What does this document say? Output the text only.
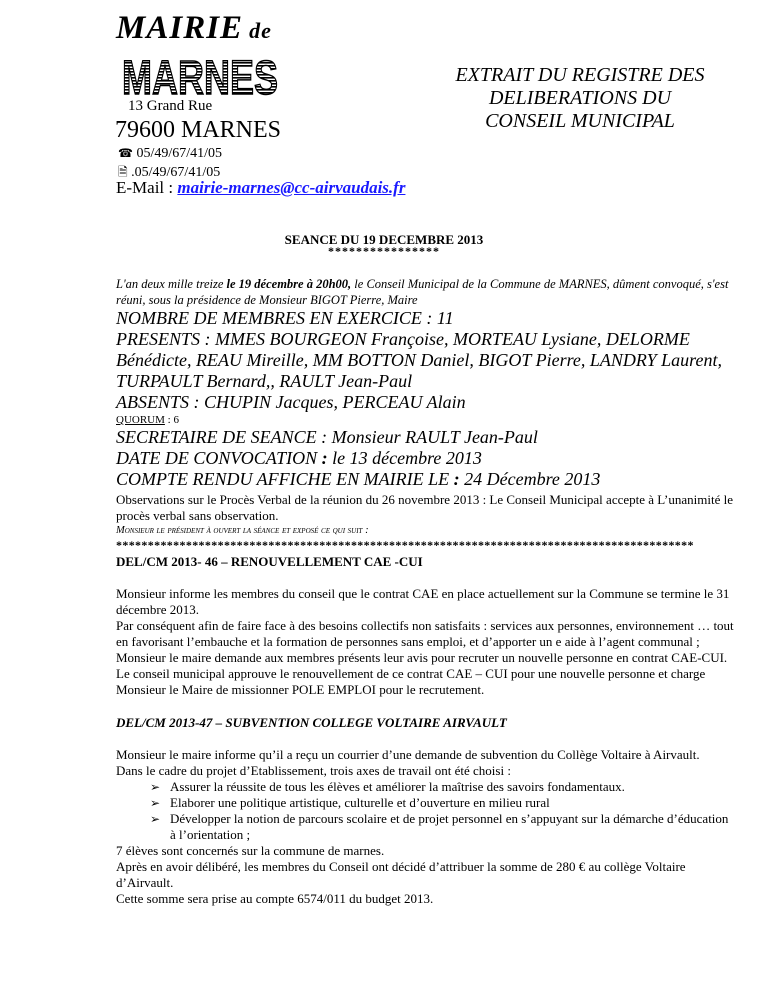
MAIRIE de
MARNES
13 Grand Rue
79600 MARNES
☎ 05/49/67/41/05
🗎 .05/49/67/41/05
E-Mail : mairie-marnes@cc-airvaudais.fr
EXTRAIT DU REGISTRE DES
DELIBERATIONS DU
CONSEIL MUNICIPAL
SEANCE DU 19 DECEMBRE 2013
****************

L'an deux mille treize le 19 décembre à 20h00, le Conseil Municipal de la Commune de MARNES, dûment convoqué, s'est réuni, sous la présidence de Monsieur BIGOT Pierre, Maire

NOMBRE DE MEMBRES EN EXERCICE : 11

PRESENTS : MMES BOURGEON Françoise, MORTEAU Lysiane, DELORME Bénédicte, REAU Mireille, MM BOTTON Daniel, BIGOT Pierre, LANDRY Laurent, TURPAULT Bernard,, RAULT Jean-Paul

ABSENTS : CHUPIN Jacques, PERCEAU Alain

QUORUM : 6

SECRETAIRE DE SEANCE : Monsieur RAULT Jean-Paul

DATE DE CONVOCATION : le 13 décembre 2013

COMPTE RENDU AFFICHE EN MAIRIE LE : 24 Décembre 2013

Observations sur le Procès Verbal de la réunion du 26 novembre 2013 : Le Conseil Municipal accepte à L’unanimité le procès verbal sans observation.

Monsieur le président à ouvert la séance et exposé ce qui suit :

*******************************************************************************************

DEL/CM 2013- 46 – RENOUVELLEMENT CAE -CUI

Monsieur informe les membres du conseil que le contrat CAE en place actuellement sur la Commune se termine le 31 décembre 2013.

Par conséquent afin de faire face à des besoins collectifs non satisfaits : services aux personnes, environnement … tout en favorisant l’embauche et la formation de personnes sans emploi, et d’apporter un e aide à l’agent communal ; Monsieur le maire demande aux membres présents leur avis pour recruter un nouvelle personne en contrat CAE-CUI.

Le conseil municipal approuve le renouvellement de ce contrat CAE – CUI pour une nouvelle personne et charge Monsieur le Maire de missionner POLE EMPLOI pour le recrutement.

DEL/CM 2013-47 – SUBVENTION COLLEGE VOLTAIRE AIRVAULT

Monsieur le maire informe qu’il a reçu un courrier d’une demande de subvention du Collège Voltaire à Airvault.

Dans le cadre du projet d’Etablissement, trois axes de travail ont été choisi :

➢ Assurer la réussite de tous les élèves et améliorer la maîtrise des savoirs fondamentaux.
➢ Elaborer une politique artistique, culturelle et d’ouverture en milieu rural
➢ Développer la notion de parcours scolaire et de projet personnel en s’appuyant sur la démarche d’éducation à l’orientation ;

7 élèves sont concernés sur la commune de marnes.

Après en avoir délibéré, les membres du Conseil ont décidé d’attribuer la somme de 280 € au collège Voltaire d’Airvault.

Cette somme sera prise au compte 6574/011 du budget 2013.
